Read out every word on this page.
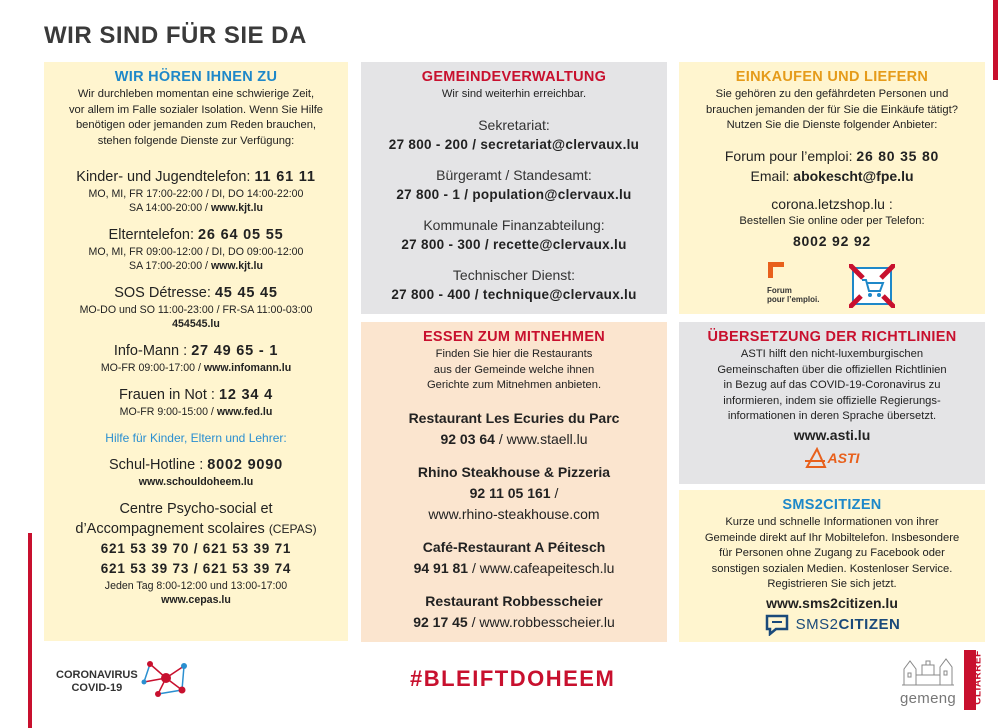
WIR SIND FÜR SIE DA
WIR HÖREN IHNEN ZU
Wir durchleben momentan eine schwierige Zeit,
vor allem im Falle sozialer Isolation. Wenn Sie Hilfe
benötigen oder jemanden zum Reden brauchen,
stehen folgende Dienste zur Verfügung:
Kinder- und Jugendtelefon: 11 61 11
MO, MI, FR 17:00-22:00 / DI, DO 14:00-22:00
SA 14:00-20:00 / www.kjt.lu
Elterntelefon: 26 64 05 55
MO, MI, FR 09:00-12:00 / DI, DO 09:00-12:00
SA 17:00-20:00 / www.kjt.lu
SOS Détresse: 45 45 45
MO-DO und SO 11:00-23:00 / FR-SA 11:00-03:00
454545.lu
Info-Mann : 27 49 65 - 1
MO-FR 09:00-17:00 / www.infomann.lu
Frauen in Not : 12 34 4
MO-FR 9:00-15:00 / www.fed.lu
Hilfe für Kinder, Eltern und Lehrer:
Schul-Hotline : 8002 9090
www.schouldoheem.lu
Centre Psycho-social et
d’Accompagnement scolaires (CEPAS)
621 53 39 70 / 621 53 39 71
621 53 39 73 / 621 53 39 74
Jeden Tag 8:00-12:00 und 13:00-17:00
www.cepas.lu
GEMEINDEVERWALTUNG
Wir sind weiterhin erreichbar.
Sekretariat:
27 800 - 200 / secretariat@clervaux.lu
Bürgeramt / Standesamt:
27 800 - 1 / population@clervaux.lu
Kommunale Finanzabteilung:
27 800 - 300 / recette@clervaux.lu
Technischer Dienst:
27 800 - 400 / technique@clervaux.lu
ESSEN ZUM MITNEHMEN
Finden Sie hier die Restaurants
aus der Gemeinde welche ihnen
Gerichte zum Mitnehmen anbieten.
Restaurant Les Ecuries du Parc
92 03 64 / www.staell.lu
Rhino Steakhouse & Pizzeria
92 11 05 161 /
www.rhino-steakhouse.com
Café-Restaurant A Péitesch
94 91 81 / www.cafeapeitesch.lu
Restaurant Robbesscheier
92 17 45 / www.robbesscheier.lu
EINKAUFEN UND LIEFERN
Sie gehören zu den gefährdeten Personen und
brauchen jemanden der für Sie die Einkäufe tätigt?
Nutzen Sie die Dienste folgender Anbieter:
Forum pour l’emploi: 26 80 35 80
Email: abokescht@fpe.lu
corona.letzshop.lu :
Bestellen Sie online oder per Telefon:
8002 92 92
Forum
pour l’emploi.
ÜBERSETZUNG DER RICHTLINIEN
ASTI hilft den nicht-luxemburgischen
Gemeinschaften über die offiziellen Richtlinien
in Bezug auf das COVID-19-Coronavirus zu
informieren, indem sie offizielle Regierungs-
informationen in deren Sprache übersetzt.
www.asti.lu
ASTI
SMS2CITIZEN
Kurze und schnelle Informationen von ihrer
Gemeinde direkt auf Ihr Mobiltelefon. Insbesondere
für Personen ohne Zugang zu Facebook oder
sonstigen sozialen Medien. Kostenloser Service.
Registrieren Sie sich jetzt.
www.sms2citizen.lu
SMS2 CITIZEN
CORONAVIRUS
COVID-19	#BLEIFTDOHEEM
gemeng CLIARREF
